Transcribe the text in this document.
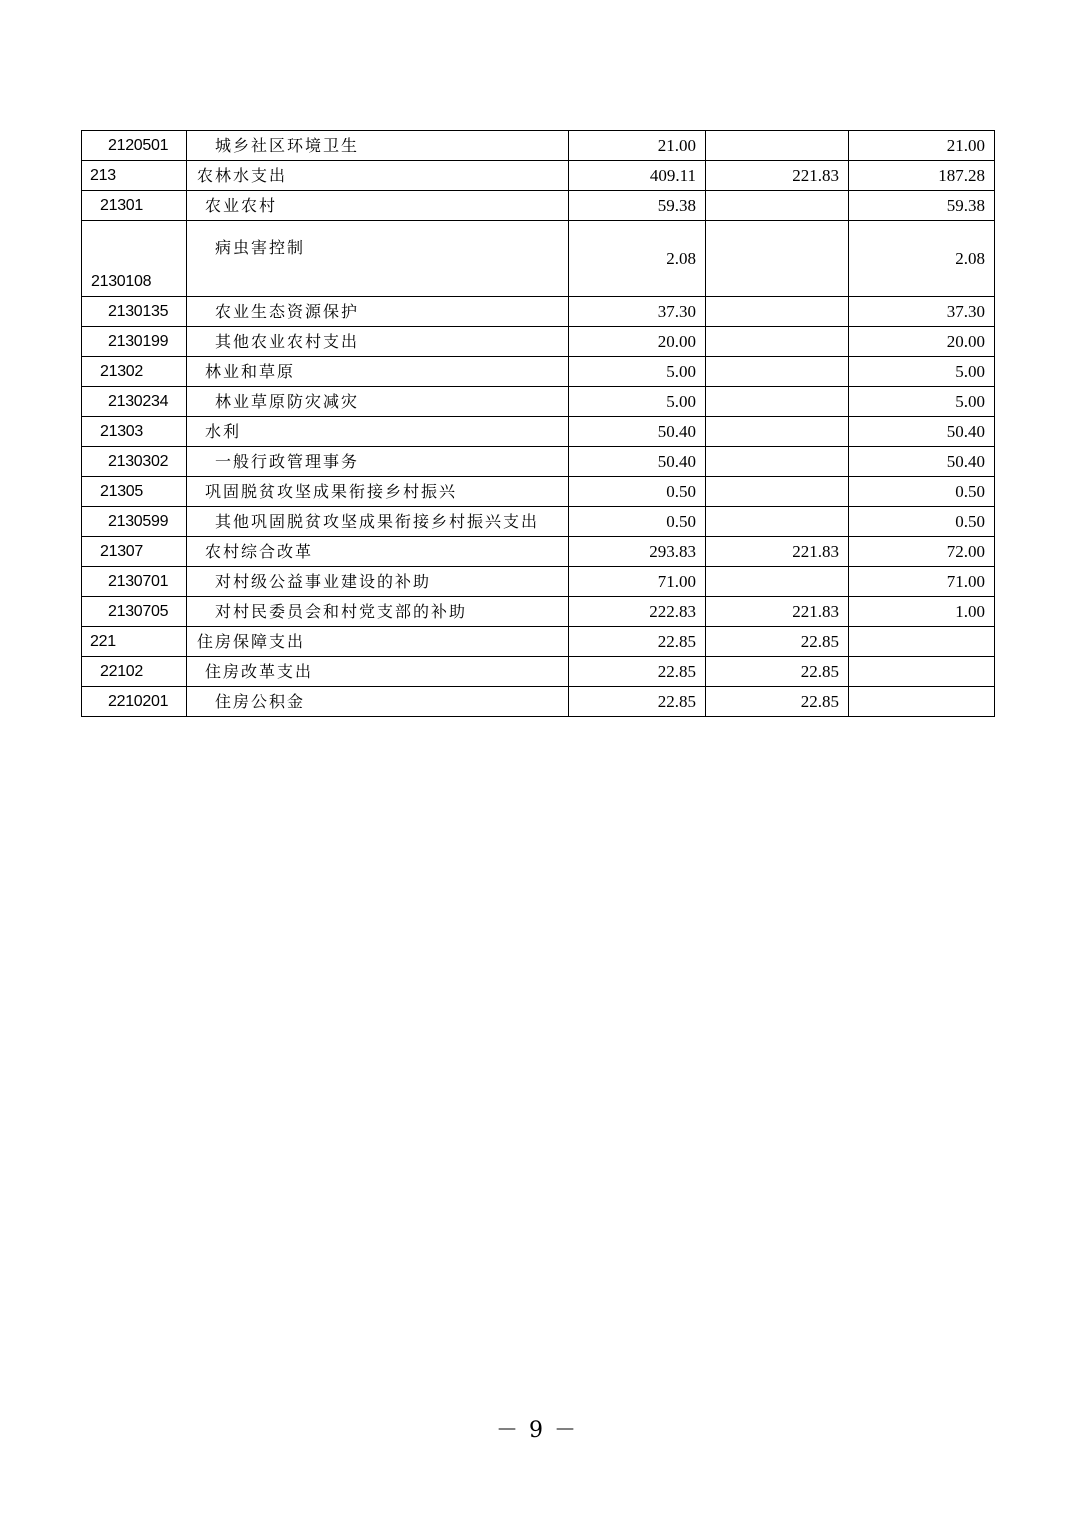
2120501	城乡社区环境卫生	21.00		21.00
213	农林水支出	409.11	221.83	187.28
21301	农业农村	59.38		59.38
2130108	病虫害控制	2.08		2.08
2130135	农业生态资源保护	37.30		37.30
2130199	其他农业农村支出	20.00		20.00
21302	林业和草原	5.00		5.00
2130234	林业草原防灾减灾	5.00		5.00
21303	水利	50.40		50.40
2130302	一般行政管理事务	50.40		50.40
21305	巩固脱贫攻坚成果衔接乡村振兴	0.50		0.50
2130599	其他巩固脱贫攻坚成果衔接乡村振兴支出	0.50		0.50
21307	农村综合改革	293.83	221.83	72.00
2130701	对村级公益事业建设的补助	71.00		71.00
2130705	对村民委员会和村党支部的补助	222.83	221.83	1.00
221	住房保障支出	22.85	22.85	
22102	住房改革支出	22.85	22.85	
2210201	住房公积金	22.85	22.85	
－ 9 －
